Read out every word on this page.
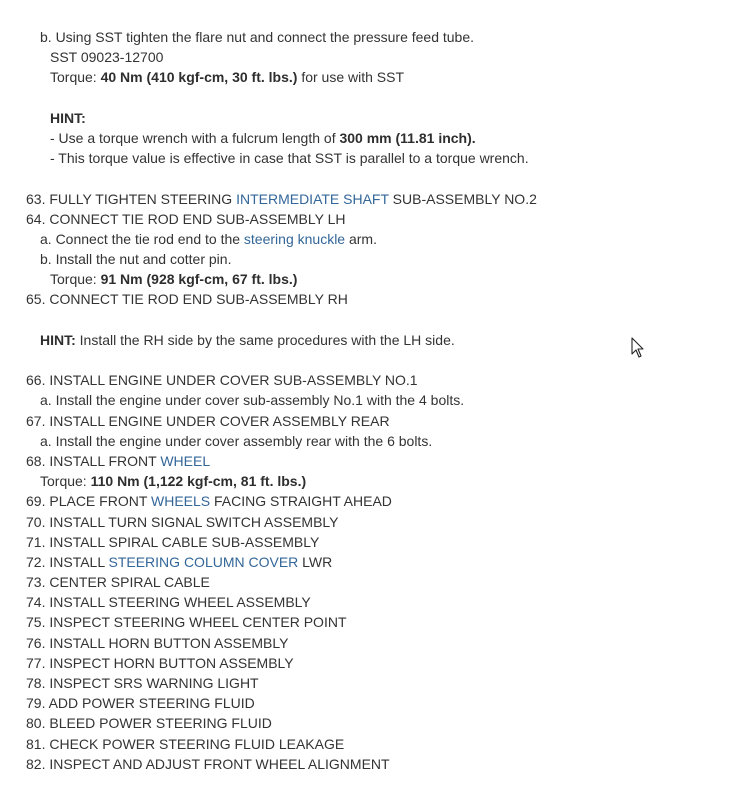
b. Using SST tighten the flare nut and connect the pressure feed tube.
SST 09023-12700
Torque: 40 Nm (410 kgf-cm, 30 ft. lbs.) for use with SST
HINT:
- Use a torque wrench with a fulcrum length of 300 mm (11.81 inch).
- This torque value is effective in case that SST is parallel to a torque wrench.
63. FULLY TIGHTEN STEERING INTERMEDIATE SHAFT SUB-ASSEMBLY NO.2
64. CONNECT TIE ROD END SUB-ASSEMBLY LH
a. Connect the tie rod end to the steering knuckle arm.
b. Install the nut and cotter pin.
Torque: 91 Nm (928 kgf-cm, 67 ft. lbs.)
65. CONNECT TIE ROD END SUB-ASSEMBLY RH
HINT: Install the RH side by the same procedures with the LH side.
66. INSTALL ENGINE UNDER COVER SUB-ASSEMBLY NO.1
a. Install the engine under cover sub-assembly No.1 with the 4 bolts.
67. INSTALL ENGINE UNDER COVER ASSEMBLY REAR
a. Install the engine under cover assembly rear with the 6 bolts.
68. INSTALL FRONT WHEEL
Torque: 110 Nm (1,122 kgf-cm, 81 ft. lbs.)
69. PLACE FRONT WHEELS FACING STRAIGHT AHEAD
70. INSTALL TURN SIGNAL SWITCH ASSEMBLY
71. INSTALL SPIRAL CABLE SUB-ASSEMBLY
72. INSTALL STEERING COLUMN COVER LWR
73. CENTER SPIRAL CABLE
74. INSTALL STEERING WHEEL ASSEMBLY
75. INSPECT STEERING WHEEL CENTER POINT
76. INSTALL HORN BUTTON ASSEMBLY
77. INSPECT HORN BUTTON ASSEMBLY
78. INSPECT SRS WARNING LIGHT
79. ADD POWER STEERING FLUID
80. BLEED POWER STEERING FLUID
81. CHECK POWER STEERING FLUID LEAKAGE
82. INSPECT AND ADJUST FRONT WHEEL ALIGNMENT
